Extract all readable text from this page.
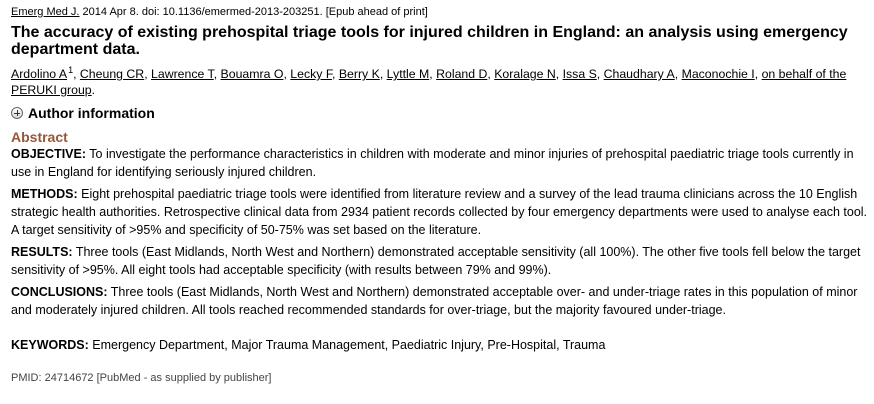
Emerg Med J. 2014 Apr 8. doi: 10.1136/emermed-2013-203251. [Epub ahead of print]
The accuracy of existing prehospital triage tools for injured children in England: an analysis using emergency department data.
Ardolino $A^1$, Cheung CR, Lawrence T, Bouamra O, Lecky F, Berry K, Lyttle M, Roland D, Koralage N, Issa S, Chaudhary A, Maconochie I, on behalf of the PERUKI group.
Author information
Abstract
OBJECTIVE: To investigate the performance characteristics in children with moderate and minor injuries of prehospital paediatric triage tools currently in use in England for identifying seriously injured children.
METHODS: Eight prehospital paediatric triage tools were identified from literature review and a survey of the lead trauma clinicians across the 10 English strategic health authorities. Retrospective clinical data from 2934 patient records collected by four emergency departments were used to analyse each tool. A target sensitivity of >95% and specificity of 50-75% was set based on the literature.
RESULTS: Three tools (East Midlands, North West and Northern) demonstrated acceptable sensitivity (all 100%). The other five tools fell below the target sensitivity of >95%. All eight tools had acceptable specificity (with results between 79% and 99%).
CONCLUSIONS: Three tools (East Midlands, North West and Northern) demonstrated acceptable over- and under-triage rates in this population of minor and moderately injured children. All tools reached recommended standards for over-triage, but the majority favoured under-triage.
KEYWORDS: Emergency Department, Major Trauma Management, Paediatric Injury, Pre-Hospital, Trauma
PMID: 24714672 [PubMed - as supplied by publisher]
